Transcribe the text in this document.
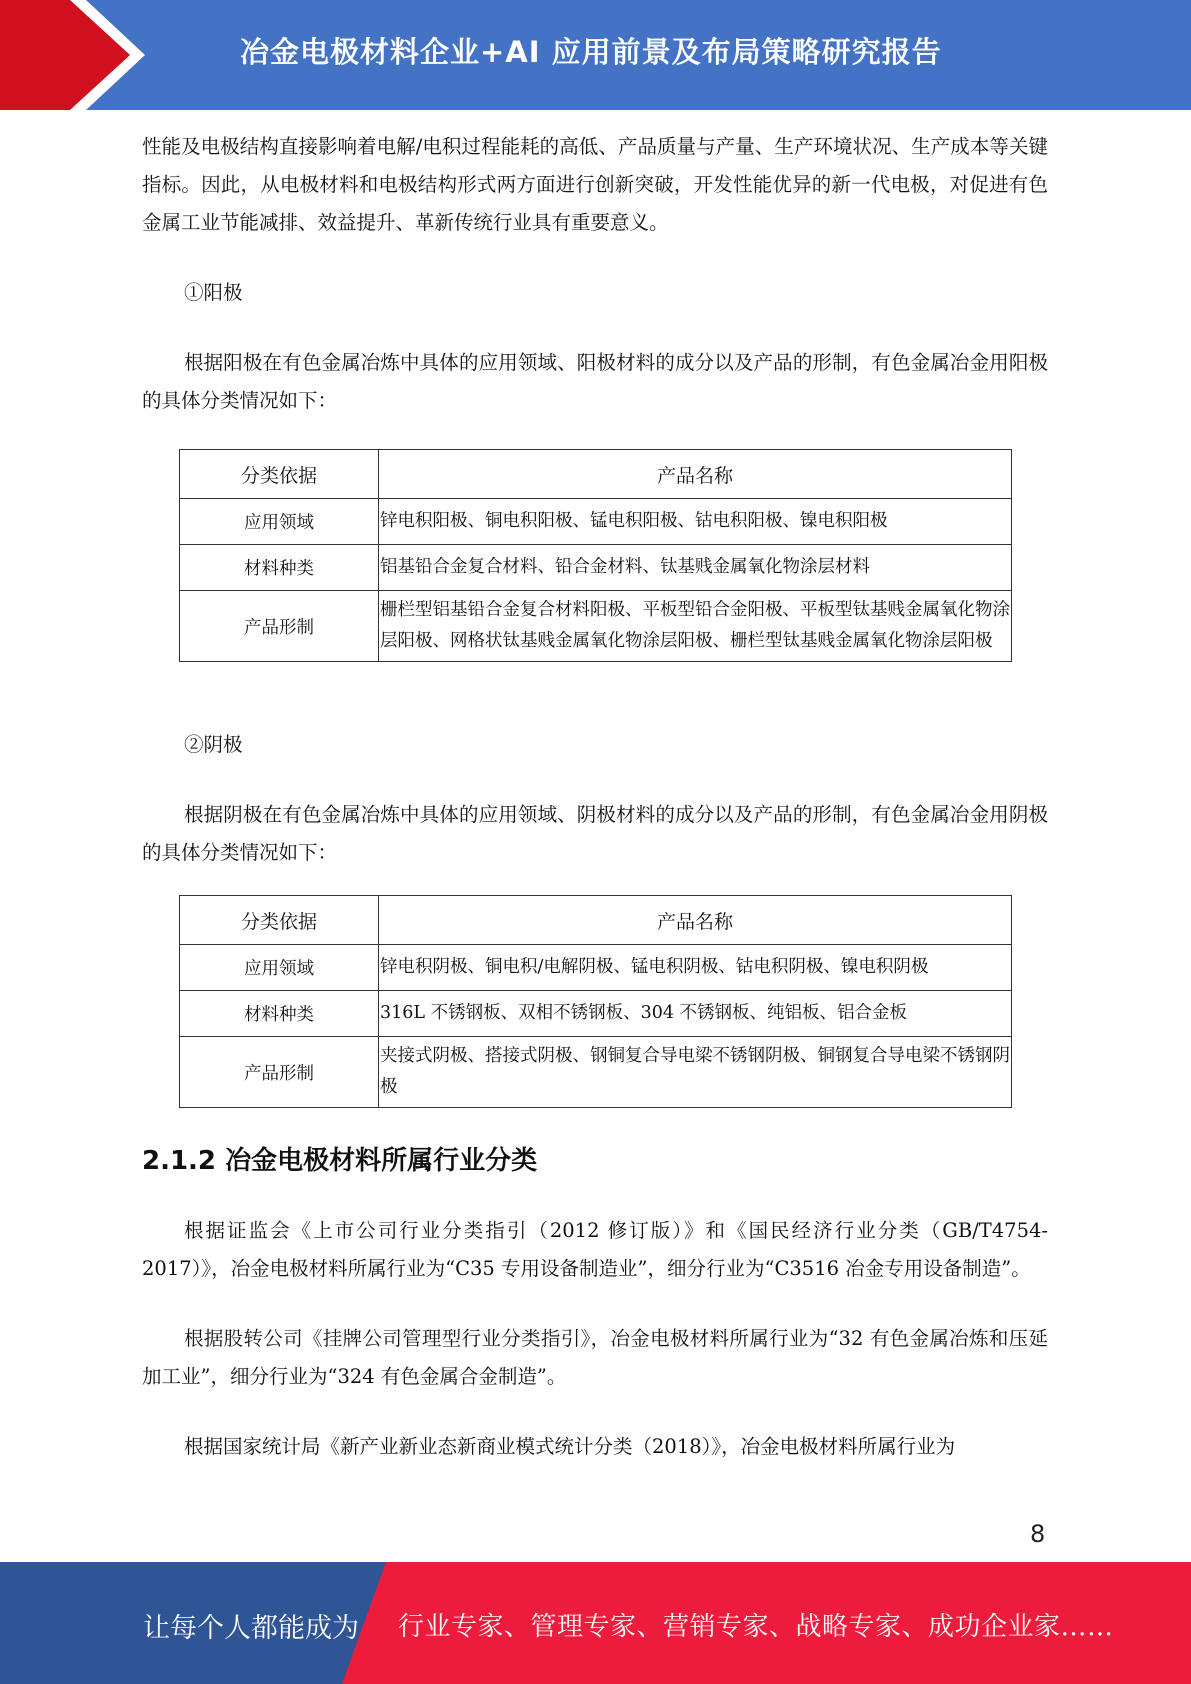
冶金电极材料企业+AI 应用前景及布局策略研究报告

性能及电极结构直接影响着电解/电积过程能耗的高低、产品质量与产量、生产环境状况、生产成本等关键指标。因此，从电极材料和电极结构形式两方面进行创新突破，开发性能优异的新一代电极，对促进有色金属工业节能减排、效益提升、革新传统行业具有重要意义。

①阳极

根据阳极在有色金属冶炼中具体的应用领域、阳极材料的成分以及产品的形制，有色金属冶金用阳极的具体分类情况如下：

分类依据	产品名称
应用领域	锌电积阳极、铜电积阳极、锰电积阳极、钴电积阳极、镍电积阳极
材料种类	铝基铅合金复合材料、铅合金材料、钛基贱金属氧化物涂层材料
产品形制	栅栏型铝基铅合金复合材料阳极、平板型铅合金阳极、平板型钛基贱金属氧化物涂层阳极、网格状钛基贱金属氧化物涂层阳极、栅栏型钛基贱金属氧化物涂层阳极

②阴极

根据阴极在有色金属冶炼中具体的应用领域、阴极材料的成分以及产品的形制，有色金属冶金用阴极的具体分类情况如下：

分类依据	产品名称
应用领域	锌电积阴极、铜电积/电解阴极、锰电积阴极、钴电积阴极、镍电积阴极
材料种类	316L 不锈钢板、双相不锈钢板、304 不锈钢板、纯铝板、铝合金板
产品形制	夹接式阴极、搭接式阴极、钢铜复合导电梁不锈钢阴极、铜钢复合导电梁不锈钢阴极
2.1.2 冶金电极材料所属行业分类

根据证监会《上市公司行业分类指引（2012 修订版）》和《国民经济行业分类（GB/T4754-2017）》，冶金电极材料所属行业为“C35 专用设备制造业”，细分行业为“C3516 冶金专用设备制造”。

根据股转公司《挂牌公司管理型行业分类指引》，冶金电极材料所属行业为“32 有色金属冶炼和压延加工业”，细分行业为“324 有色金属合金制造”。

根据国家统计局《新产业新业态新商业模式统计分类（2018）》，冶金电极材料所属行业为

8
让每个人都能成为 行业专家、管理专家、营销专家、战略专家、成功企业家……
